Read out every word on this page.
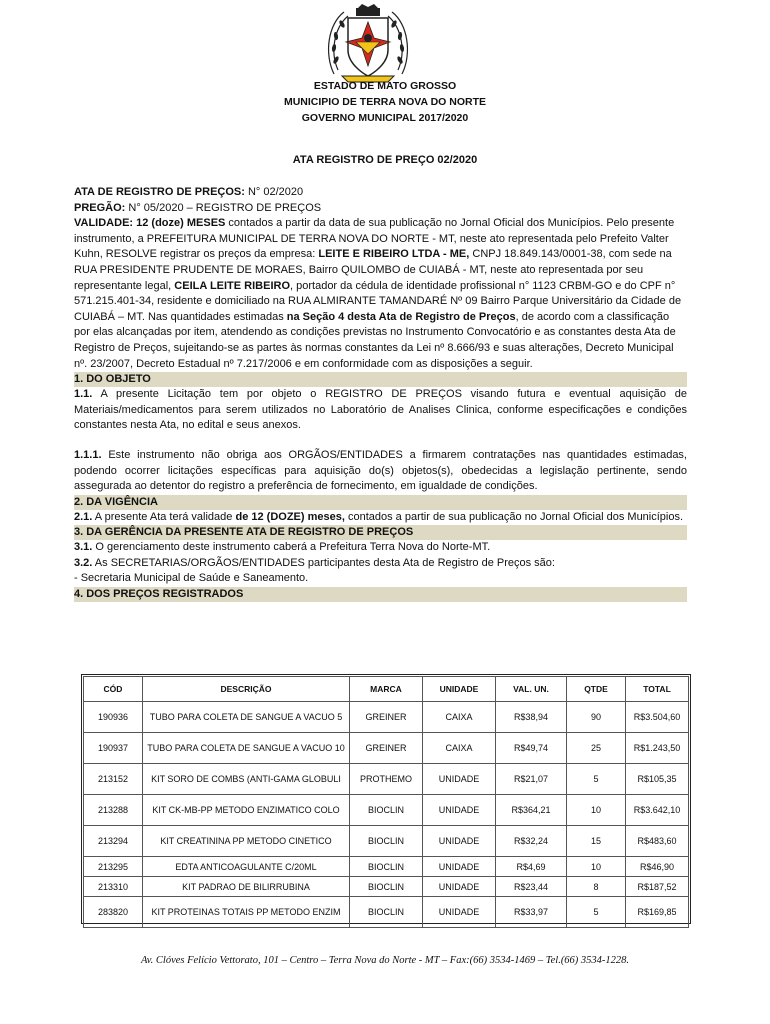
ESTADO DE MATO GROSSO
MUNICIPIO DE TERRA NOVA DO NORTE
GOVERNO MUNICIPAL 2017/2020
ATA REGISTRO DE PREÇO 02/2020

ATA DE REGISTRO DE PREÇOS: N° 02/2020

PREGÃO: N° 05/2020 – REGISTRO DE PREÇOS

VALIDADE: 12 (doze) MESES contados a partir da data de sua publicação no Jornal Oficial dos Municípios. Pelo presente instrumento, a PREFEITURA MUNICIPAL DE TERRA NOVA DO NORTE - MT, neste ato representada pelo Prefeito Valter Kuhn, RESOLVE registrar os preços da empresa: LEITE E RIBEIRO LTDA - ME, CNPJ 18.849.143/0001-38, com sede na RUA PRESIDENTE PRUDENTE DE MORAES, Bairro QUILOMBO de CUIABÁ - MT, neste ato representada por seu representante legal, CEILA LEITE RIBEIRO, portador da cédula de identidade profissional n° 1123 CRBM-GO e do CPF n° 571.215.401-34, residente e domiciliado na RUA ALMIRANTE TAMANDARÉ Nº 09 Bairro Parque Universitário da Cidade de CUIABÁ – MT. Nas quantidades estimadas na Seção 4 desta Ata de Registro de Preços, de acordo com a classificação por elas alcançadas por item, atendendo as condições previstas no Instrumento Convocatório e as constantes desta Ata de Registro de Preços, sujeitando-se as partes às normas constantes da Lei nº 8.666/93 e suas alterações, Decreto Municipal nº. 23/2007, Decreto Estadual nº 7.217/2006 e em conformidade com as disposições a seguir.

1. DO OBJETO

1.1. A presente Licitação tem por objeto o REGISTRO DE PREÇOS visando futura e eventual aquisição de Materiais/medicamentos para serem utilizados no Laboratório de Analises Clinica, conforme especificações e condições constantes nesta Ata, no edital e seus anexos.

1.1.1. Este instrumento não obriga aos ORGÃOS/ENTIDADES a firmarem contratações nas quantidades estimadas, podendo ocorrer licitações específicas para aquisição do(s) objetos(s), obedecidas a legislação pertinente, sendo assegurada ao detentor do registro a preferência de fornecimento, em igualdade de condições.

2. DA VIGÊNCIA

2.1. A presente Ata terá validade de 12 (DOZE) meses, contados a partir de sua publicação no Jornal Oficial dos Municípios.

3. DA GERÊNCIA DA PRESENTE ATA DE REGISTRO DE PREÇOS

3.1. O gerenciamento deste instrumento caberá a Prefeitura Terra Nova do Norte-MT.

3.2. As SECRETARIAS/ORGÃOS/ENTIDADES participantes desta Ata de Registro de Preços são:

- Secretaria Municipal de Saúde e Saneamento.

4. DOS PREÇOS REGISTRADOS
CÓD	DESCRIÇÃO	MARCA	UNIDADE	VAL. UN.	QTDE	TOTAL
190936	TUBO PARA COLETA DE SANGUE A VACUO 5	GREINER	CAIXA	R$38,94	90	R$3.504,60
190937	TUBO PARA COLETA DE SANGUE A VACUO 10	GREINER	CAIXA	R$49,74	25	R$1.243,50
213152	KIT SORO DE COMBS (ANTI-GAMA GLOBULI	PROTHEMO	UNIDADE	R$21,07	5	R$105,35
213288	KIT CK-MB-PP METODO ENZIMATICO COLO	BIOCLIN	UNIDADE	R$364,21	10	R$3.642,10
213294	KIT CREATININA PP METODO CINETICO	BIOCLIN	UNIDADE	R$32,24	15	R$483,60
213295	EDTA ANTICOAGULANTE C/20ML	BIOCLIN	UNIDADE	R$4,69	10	R$46,90
213310	KIT PADRAO DE BILIRRUBINA	BIOCLIN	UNIDADE	R$23,44	8	R$187,52
283820	KIT PROTEINAS TOTAIS PP METODO ENZIM	BIOCLIN	UNIDADE	R$33,97	5	R$169,85
Av. Clóves Felício Vettorato, 101 – Centro – Terra Nova do Norte - MT – Fax:(66) 3534-1469 – Tel.(66) 3534-1228.
